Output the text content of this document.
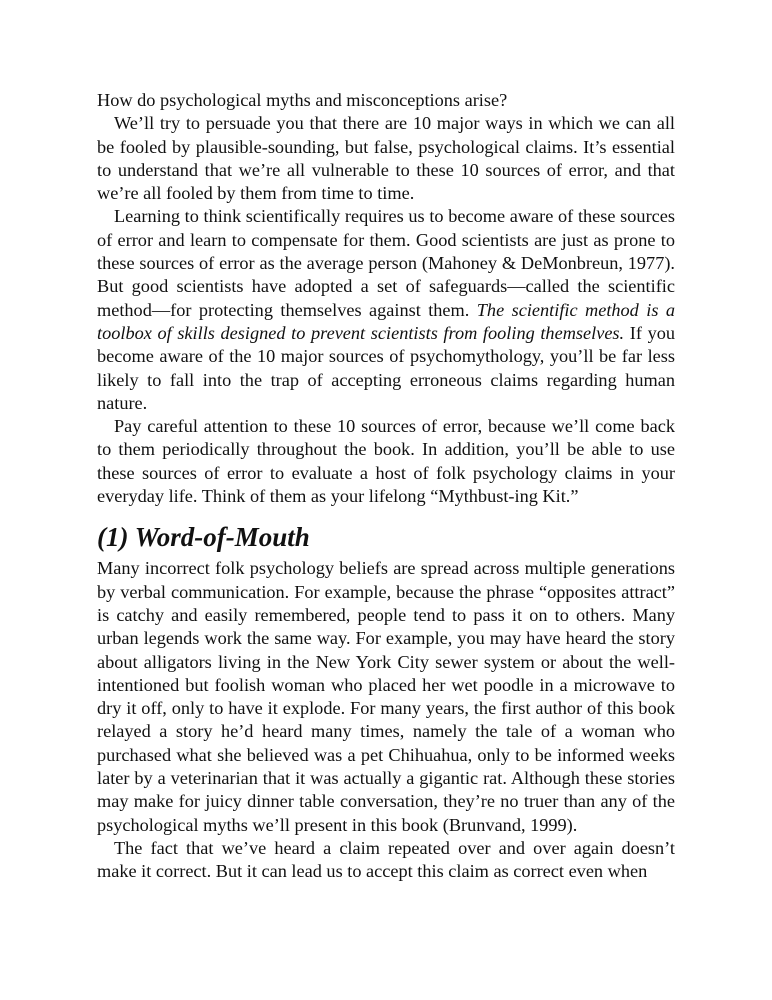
How do psychological myths and misconceptions arise?

We’ll try to persuade you that there are 10 major ways in which we can all be fooled by plausible-sounding, but false, psychological claims. It’s essential to understand that we’re all vulnerable to these 10 sources of error, and that we’re all fooled by them from time to time.

Learning to think scientifically requires us to become aware of these sources of error and learn to compensate for them. Good scientists are just as prone to these sources of error as the average person (Mahoney & DeMonbreun, 1977). But good scientists have adopted a set of safeguards—called the scientific method—for protecting themselves against them. The scientific method is a toolbox of skills designed to prevent scientists from fooling themselves. If you become aware of the 10 major sources of psychomythology, you’ll be far less likely to fall into the trap of accepting erroneous claims regarding human nature.

Pay careful attention to these 10 sources of error, because we’ll come back to them periodically throughout the book. In addition, you’ll be able to use these sources of error to evaluate a host of folk psychology claims in your everyday life. Think of them as your lifelong “Mythbust-ing Kit.”

(1) Word-of-Mouth

Many incorrect folk psychology beliefs are spread across multiple generations by verbal communication. For example, because the phrase “opposites attract” is catchy and easily remembered, people tend to pass it on to others. Many urban legends work the same way. For example, you may have heard the story about alligators living in the New York City sewer system or about the well-intentioned but foolish woman who placed her wet poodle in a microwave to dry it off, only to have it explode. For many years, the first author of this book relayed a story he’d heard many times, namely the tale of a woman who purchased what she believed was a pet Chihuahua, only to be informed weeks later by a veterinarian that it was actually a gigantic rat. Although these stories may make for juicy dinner table conversation, they’re no truer than any of the psychological myths we’ll present in this book (Brunvand, 1999).

The fact that we’ve heard a claim repeated over and over again doesn’t make it correct. But it can lead us to accept this claim as correct even when
